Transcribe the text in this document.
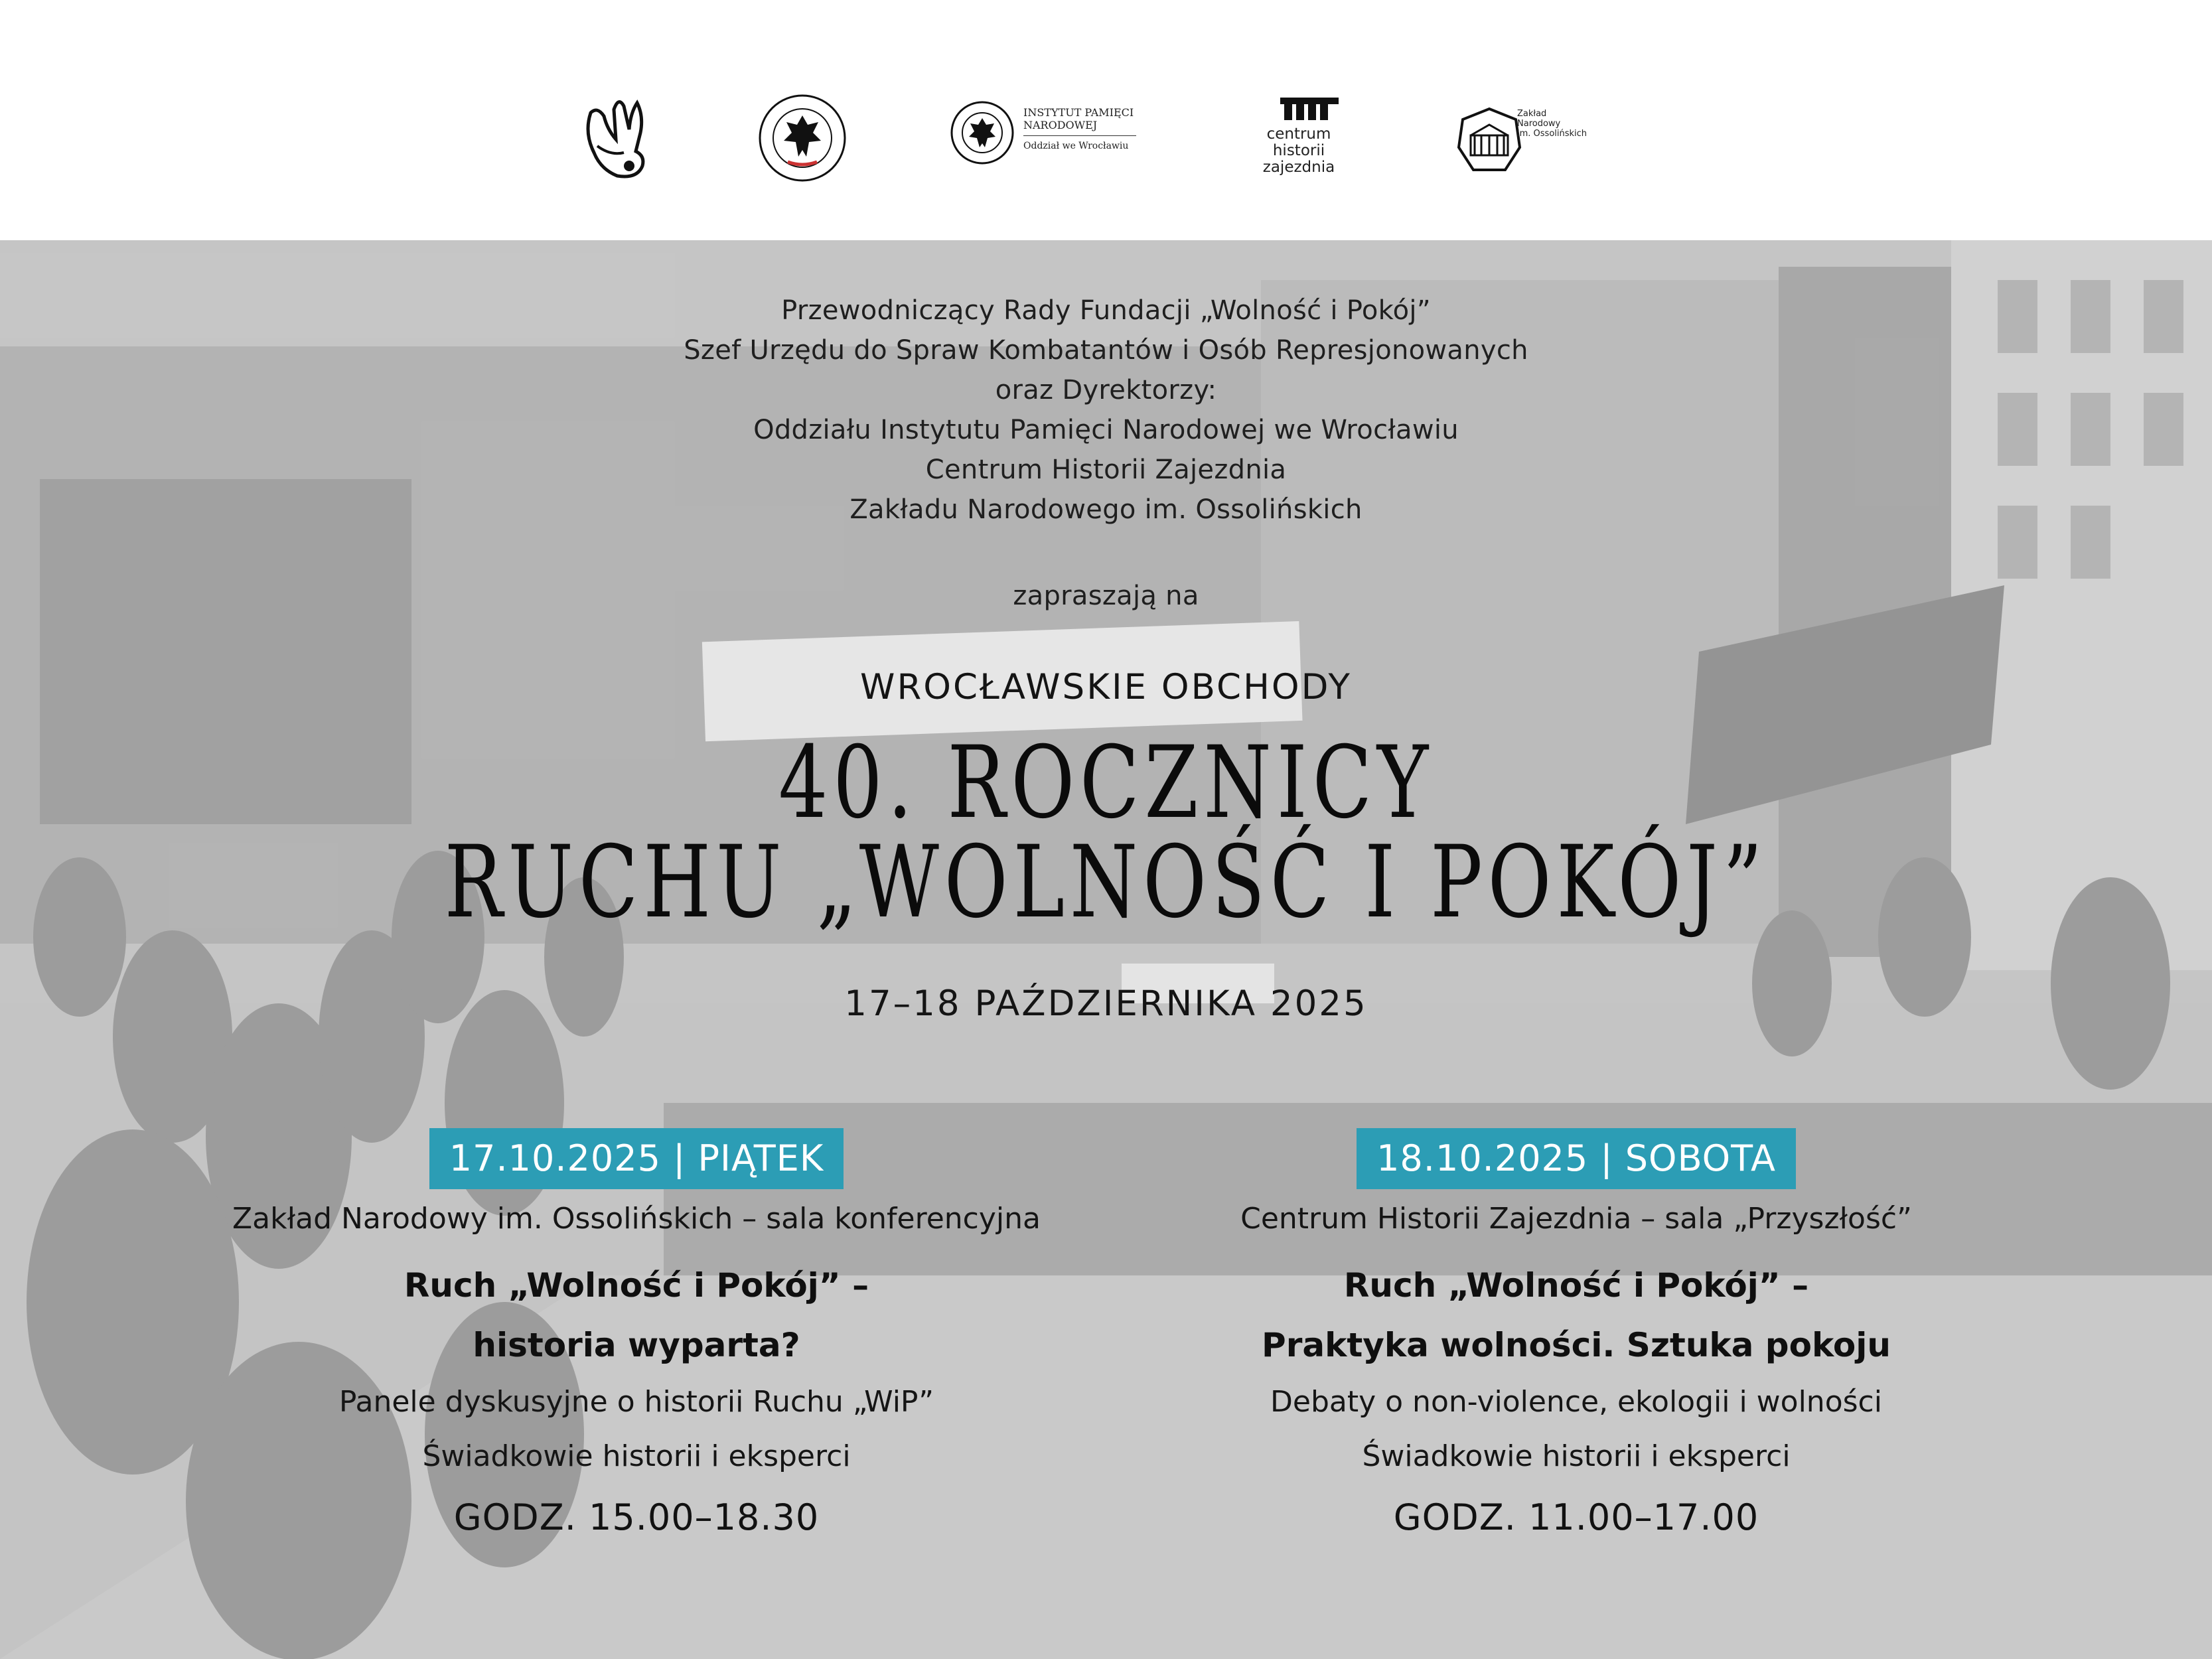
INSTYTUT PAMIĘCI
NARODOWEJ
Oddział we Wrocławiu
centrum
historii
zajezdnia
Zakład
Narodowy
im. Ossolińskich
Przewodniczący Rady Fundacji „Wolność i Pokój”
Szef Urzędu do Spraw Kombatantów i Osób Represjonowanych
oraz Dyrektorzy:
Oddziału Instytutu Pamięci Narodowej we Wrocławiu
Centrum Historii Zajezdnia
Zakładu Narodowego im. Ossolińskich
zapraszają na
WROCŁAWSKIE OBCHODY
40. ROCZNICY
RUCHU „WOLNOŚĆ I POKÓJ”
17–18 PAŹDZIERNIKA 2025
17.10.2025 | PIĄTEK
Zakład Narodowy im. Ossolińskich – sala konferencyjna
Ruch „Wolność i Pokój” –
historia wyparta?
Panele dyskusyjne o historii Ruchu „WiP”
Świadkowie historii i eksperci
GODZ. 15.00–18.30
18.10.2025 | SOBOTA
Centrum Historii Zajezdnia – sala „Przyszłość”
Ruch „Wolność i Pokój” –
Praktyka wolności. Sztuka pokoju
Debaty o non-violence, ekologii i wolności
Świadkowie historii i eksperci
GODZ. 11.00–17.00
